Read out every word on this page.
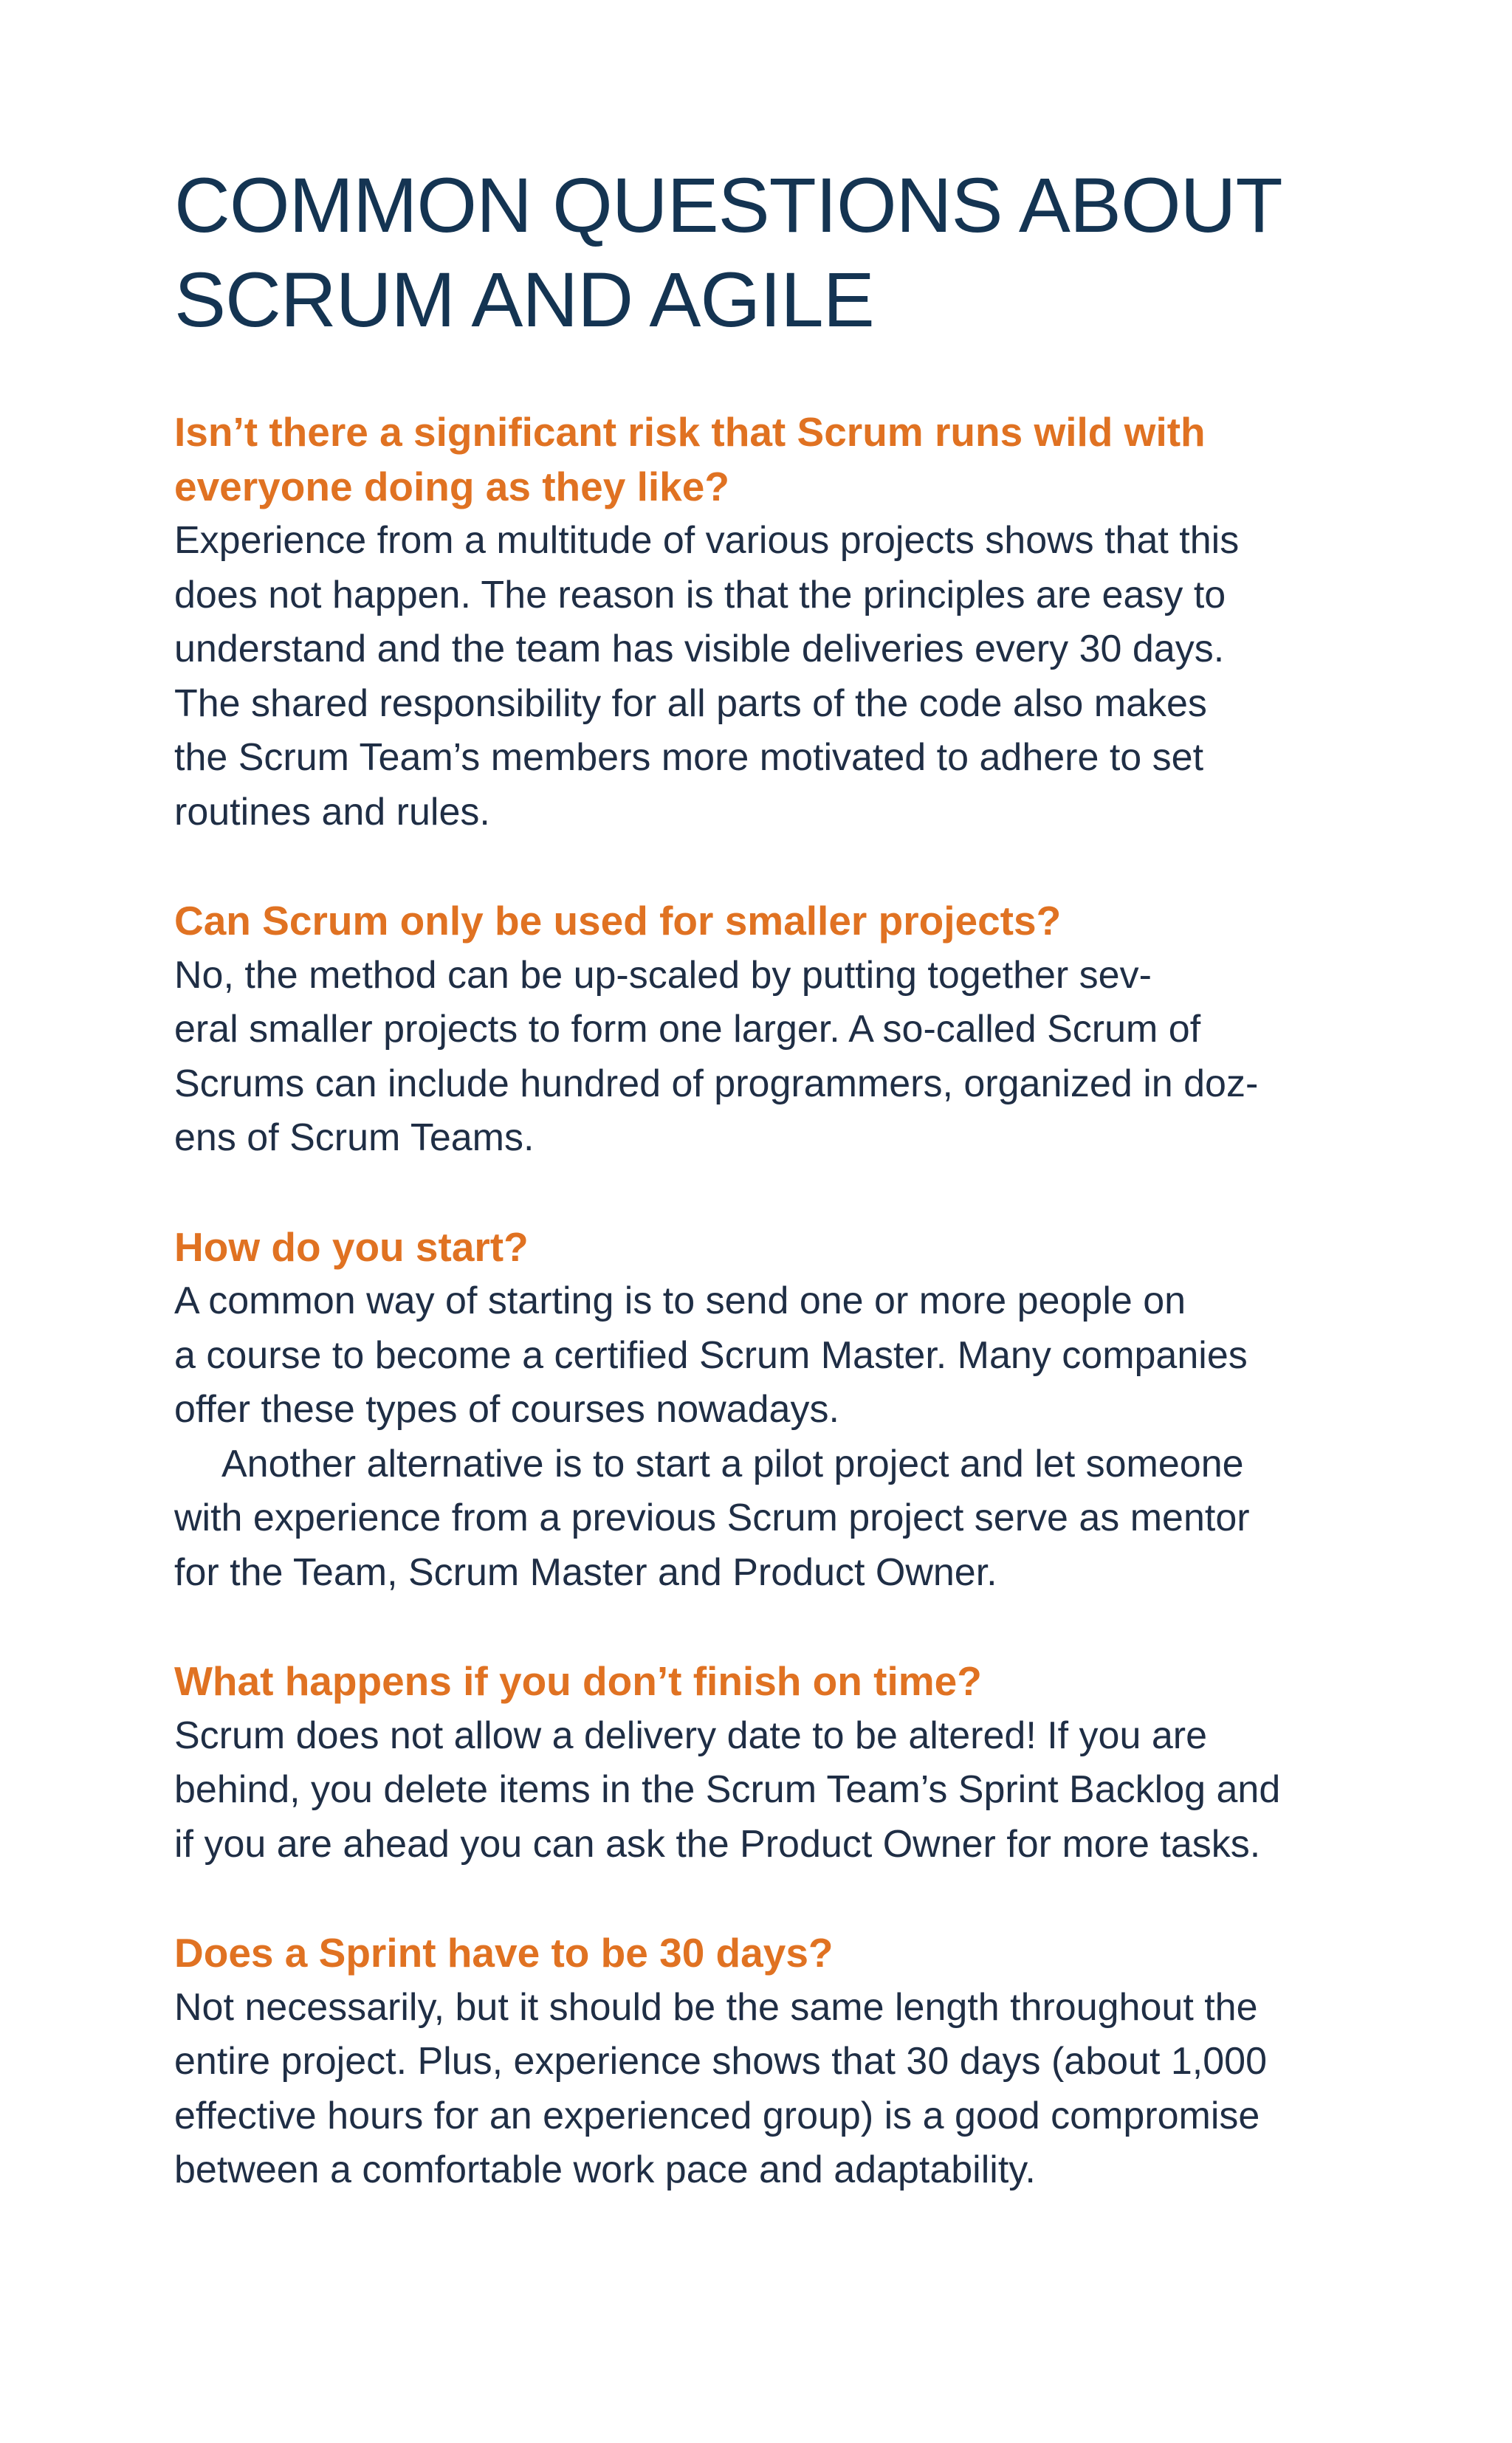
COMMON QUESTIONS ABOUT
SCRUM AND AGILE

Isn’t there a significant risk that Scrum runs wild with
everyone doing as they like?

Experience from a multitude of various projects shows that this
does not happen. The reason is that the principles are easy to
understand and the team has visible deliveries every 30 days.
The shared responsibility for all parts of the code also makes
the Scrum Team’s members more motivated to adhere to set
routines and rules.

Can Scrum only be used for smaller projects?

No, the method can be up-scaled by putting together sev-
eral smaller projects to form one larger. A so-called Scrum of
Scrums can include hundred of programmers, organized in doz-
ens of Scrum Teams.

How do you start?

A common way of starting is to send one or more people on
a course to become a certified Scrum Master. Many companies
offer these types of courses nowadays.
Another alternative is to start a pilot project and let someone
with experience from a previous Scrum project serve as mentor
for the Team, Scrum Master and Product Owner.

What happens if you don’t finish on time?

Scrum does not allow a delivery date to be altered! If you are
behind, you delete items in the Scrum Team’s Sprint Backlog and
if you are ahead you can ask the Product Owner for more tasks.

Does a Sprint have to be 30 days?

Not necessarily, but it should be the same length throughout the
entire project. Plus, experience shows that 30 days (about 1,000
effective hours for an experienced group) is a good compromise
between a comfortable work pace and adaptability.
